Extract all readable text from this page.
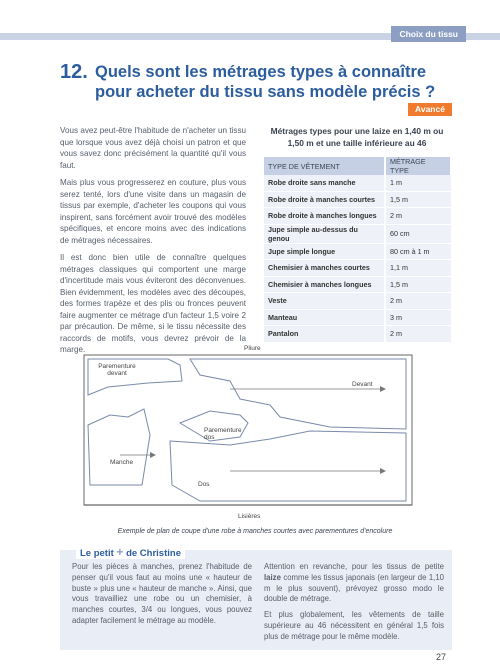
Choix du tissu
12. Quels sont les métrages types à connaître pour acheter du tissu sans modèle précis ?
Avancé

Vous avez peut-être l'habitude de n'acheter un tissu que lorsque vous avez déjà choisi un patron et que vous savez donc précisément la quantité qu'il vous faut.

Mais plus vous progresserez en couture, plus vous serez tenté, lors d'une visite dans un magasin de tissus par exemple, d'acheter les coupons qui vous inspirent, sans forcément avoir trouvé des modèles spécifiques, et encore moins avec des indications de métrages nécessaires.

Il est donc bien utile de connaître quelques métrages classiques qui comportent une marge d'incertitude mais vous éviteront des déconvenues. Bien évidemment, les modèles avec des découpes, des formes trapèze et des plis ou fronces peuvent faire augmenter ce métrage d'un facteur 1,5 voire 2 par précaution. De même, si le tissu nécessite des raccords de motifs, vous devrez prévoir de la marge.

Métrages types pour une laize en 1,40 m ou 1,50 m et une taille inférieure au 46
TYPE DE VÊTEMENT	MÉTRAGE TYPE
Robe droite sans manche	1 m
Robe droite à manches courtes	1,5 m
Robe droite à manches longues	2 m
Jupe simple au-dessus du genou	60 cm
Jupe simple longue	80 cm à 1 m
Chemisier à manches courtes	1,1 m
Chemisier à manches longues	1,5 m
Veste	2 m
Manteau	3 m
Pantalon	2 m
Pliure
Parementure devant
Devant
Parementure dos
Manche
Dos
Lisières
Exemple de plan de coupe d'une robe à manches courtes avec parementures d'encolure
Le petit + de Christine

Pour les pièces à manches, prenez l'habitude de penser qu'il vous faut au moins une « hauteur de buste » plus une « hauteur de manche ». Ainsi, que vous travailliez une robe ou un chemisier, à manches courtes, 3/4 ou longues, vous pouvez adapter facilement le métrage au modèle.

Attention en revanche, pour les tissus de petite laize comme les tissus japonais (en largeur de 1,10 m le plus souvent), prévoyez grosso modo le double de métrage.

Et plus globalement, les vêtements de taille supérieure au 46 nécessitent en général 1,5 fois plus de métrage pour le même modèle.

27
